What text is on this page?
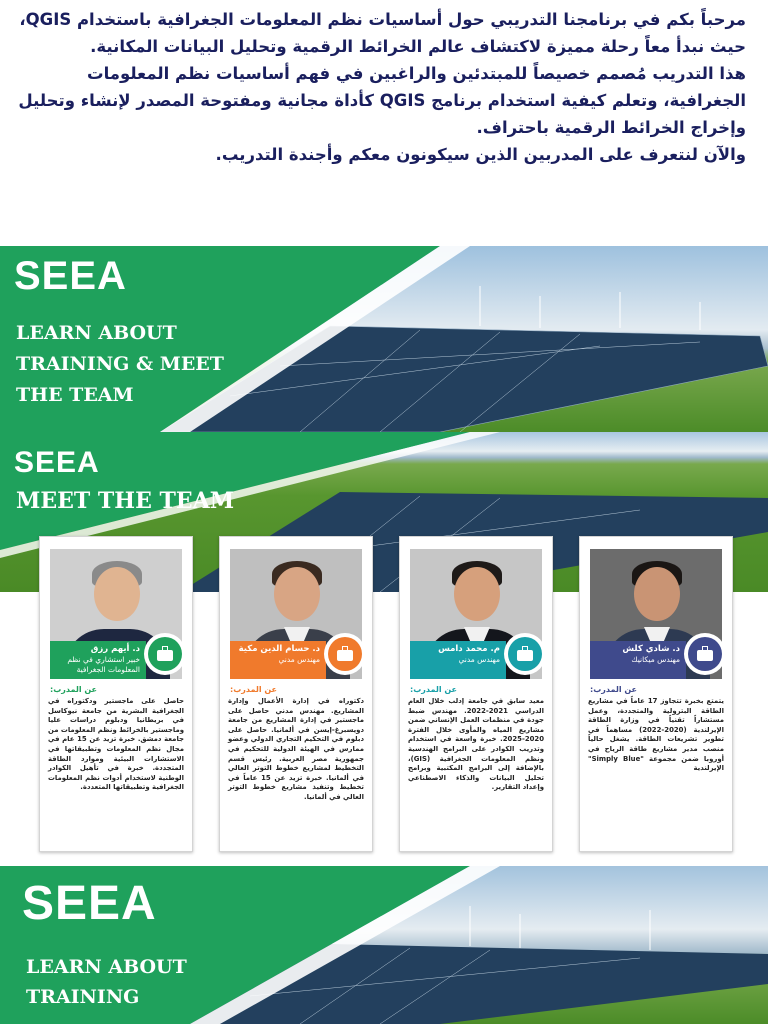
مرحباً بكم في برنامجنا التدريبي حول أساسيات نظم المعلومات الجغرافية باستخدام QGIS، حيث نبدأ معاً رحلة مميزة لاكتشاف عالم الخرائط الرقمية وتحليل البيانات المكانية.

هذا التدريب مُصمم خصيصاً للمبتدئين والراغبين في فهم أساسيات نظم المعلومات الجغرافية، وتعلم كيفية استخدام برنامج QGIS كأداة مجانية ومفتوحة المصدر لإنشاء وتحليل وإخراج الخرائط الرقمية باحتراف.

والآن لنتعرف على المدربين الذين سيكونون معكم وأجندة التدريب.

SEEA
LEARN ABOUT
TRAINING & MEET
THE TEAM
SEEA
MEET THE TEAM
د. أيهم رزق
خبير استشاري في نظم المعلومات الجغرافية
عن المدرب:
حاصل على ماجستير ودكتوراه في الجغرافية البشرية من جامعة نيوكاسل في بريطانيا ودبلوم دراسات عليا وماجستير بالخرائط ونظم المعلومات من جامعة دمشق. خبرة تزيد عن 15 عام في مجال نظم المعلومات وتطبيقاتها في الاستشارات البيئية وموارد الطاقة المتجددة. خبرة في تأهيل الكوادر الوطنية لاستخدام أدوات نظم المعلومات الجغرافية وتطبيقاتها المتعددة.
د. حسام الدين مكية
مهندس مدني
عن المدرب:
دكتوراه في إدارة الأعمال وإدارة المشاريع. مهندس مدني حاصل على ماجستير في إدارة المشاريع من جامعة دويسبرغ-إيسن في ألمانيا. حاصل على دبلوم في التحكيم التجاري الدولي وعضو ممارس في الهيئة الدولية للتحكيم في جمهورية مصر العربية. رئيس قسم التخطيط لمشاريع خطوط التوتر العالي في ألمانيا. خبرة تزيد عن 15 عاماً في تخطيط وتنفيذ مشاريع خطوط التوتر العالي في ألمانيا.
م. محمد دامس
مهندس مدني
عن المدرب:
معيد سابق في جامعة إدلب خلال العام الدراسي 2021-2022. مهندس ضبط جودة في منظمات العمل الإنساني ضمن مشاريع المياه والمأوى خلال الفترة 2020-2025. خبرة واسعة في استخدام وتدريب الكوادر على البرامج الهندسية ونظم المعلومات الجغرافية (GIS)، بالإضافة إلى البرامج المكتبية وبرامج تحليل البيانات والذكاء الاصطناعي وإعداد التقارير.
د. شادي كلش
مهندس ميكانيك
عن المدرب:
يتمتع بخبرة تتجاوز 17 عاماً في مشاريع الطاقة البترولية والمتجددة، وعمل مستشاراً تقنياً في وزارة الطاقة الإيرلندية (2020-2022) مساهماً في تطوير تشريعات الطاقة. يشغل حالياً منصب مدير مشاريع طاقة الرياح في أوروبا ضمن مجموعة "Simply Blue" الإيرلندية
SEEA
LEARN ABOUT
TRAINING
